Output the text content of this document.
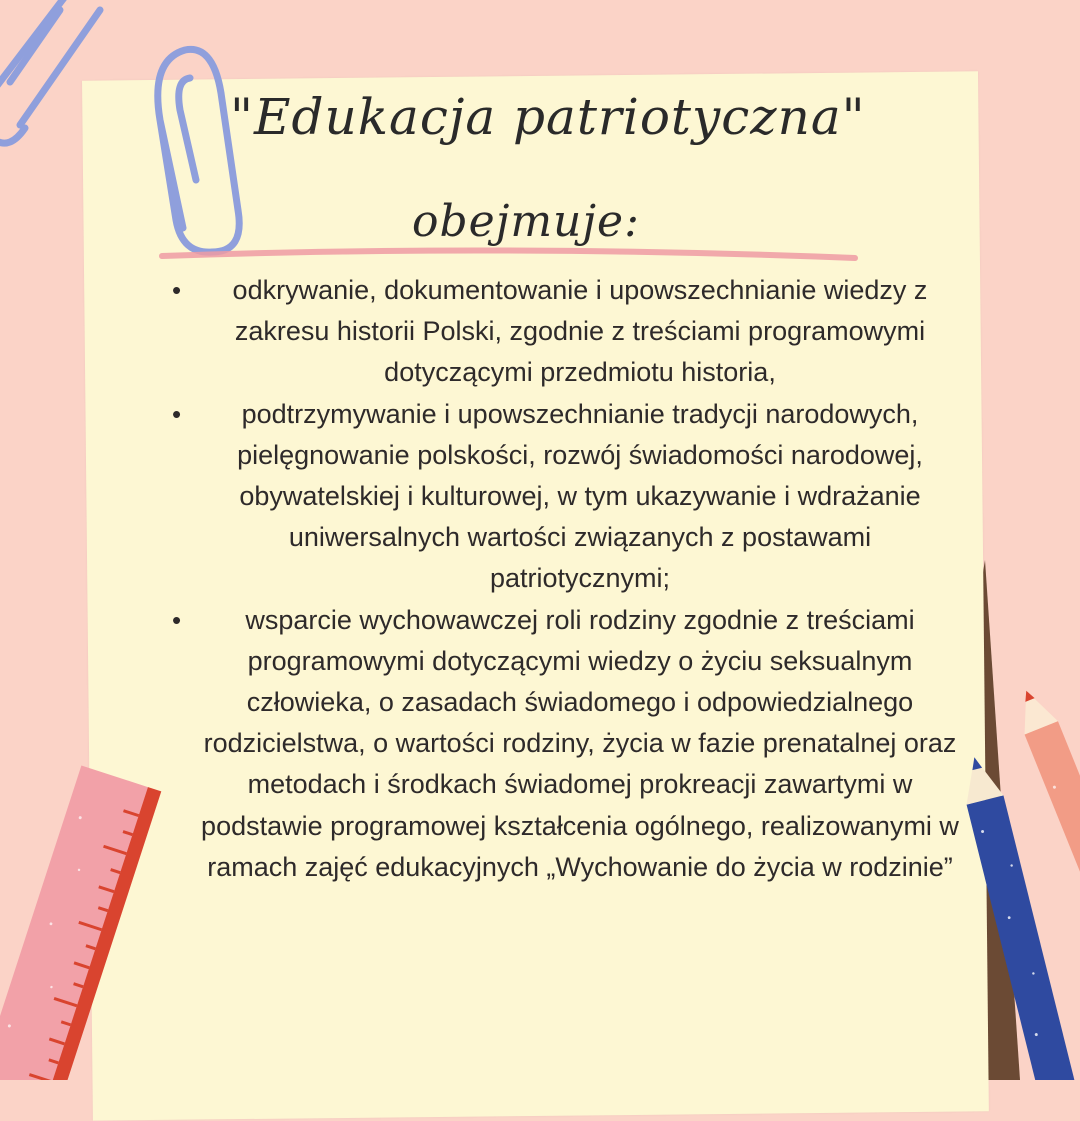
"Edukacja patriotyczna"
obejmuje:
•	odkrywanie, dokumentowanie i upowszechnianie wiedzy z zakresu historii Polski, zgodnie z treściami programowymi dotyczącymi przedmiotu historia,
•	podtrzymywanie i upowszechnianie tradycji narodowych, pielęgnowanie polskości, rozwój świadomości narodowej, obywatelskiej i kulturowej, w tym ukazywanie i wdrażanie uniwersalnych wartości związanych z postawami patriotycznymi;
•	wsparcie wychowawczej roli rodziny zgodnie z treściami programowymi dotyczącymi wiedzy o życiu seksualnym człowieka, o zasadach świadomego i odpowiedzialnego rodzicielstwa, o wartości rodziny, życia w fazie prenatalnej oraz metodach i środkach świadomej prokreacji zawartymi w podstawie programowej kształcenia ogólnego, realizowanymi w ramach zajęć edukacyjnych „Wychowanie do życia w rodzinie”
